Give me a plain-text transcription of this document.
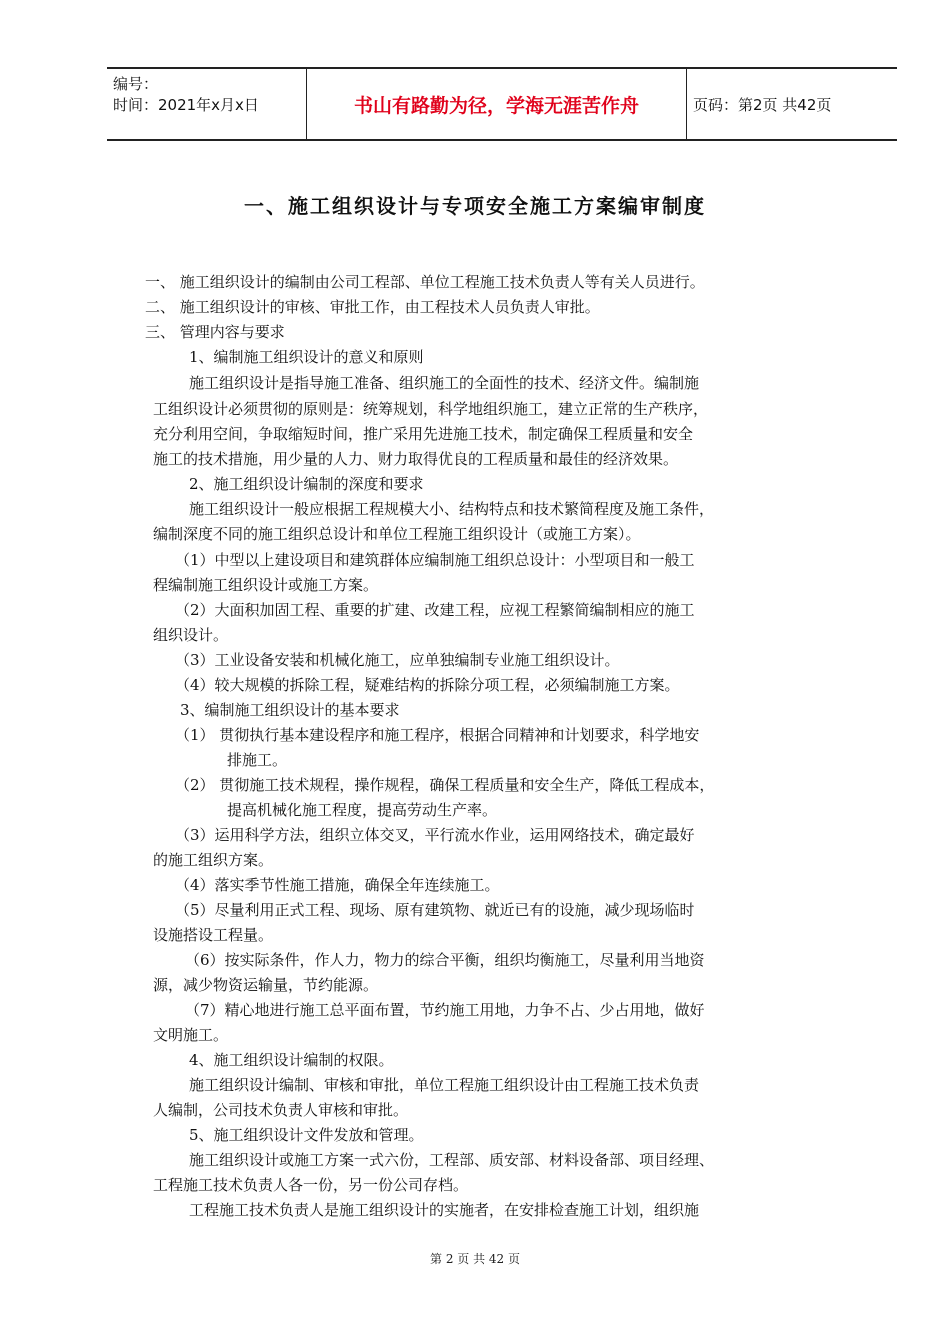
编号：
时间：2021年x月x日	书山有路勤为径，学海无涯苦作舟	页码：第2页 共42页
一、施工组织设计与专项安全施工方案编审制度
一、 施工组织设计的编制由公司工程部、单位工程施工技术负责人等有关人员进行。
二、 施工组织设计的审核、审批工作，由工程技术人员负责人审批。
三、 管理内容与要求
1、编制施工组织设计的意义和原则
施工组织设计是指导施工准备、组织施工的全面性的技术、经济文件。编制施
工组织设计必须贯彻的原则是：统筹规划，科学地组织施工，建立正常的生产秩序，
充分利用空间，争取缩短时间，推广采用先进施工技术，制定确保工程质量和安全
施工的技术措施，用少量的人力、财力取得优良的工程质量和最佳的经济效果。
2、施工组织设计编制的深度和要求
施工组织设计一般应根据工程规模大小、结构特点和技术繁简程度及施工条件，
编制深度不同的施工组织总设计和单位工程施工组织设计（或施工方案）。
（1）中型以上建设项目和建筑群体应编制施工组织总设计：小型项目和一般工
程编制施工组织设计或施工方案。
（2）大面积加固工程、重要的扩建、改建工程，应视工程繁简编制相应的施工
组织设计。
（3）工业设备安装和机械化施工，应单独编制专业施工组织设计。
（4）较大规模的拆除工程，疑难结构的拆除分项工程，必须编制施工方案。
3、编制施工组织设计的基本要求
（1） 贯彻执行基本建设程序和施工程序，根据合同精神和计划要求，科学地安
排施工。
（2） 贯彻施工技术规程，操作规程，确保工程质量和安全生产，降低工程成本，
提高机械化施工程度，提高劳动生产率。
（3）运用科学方法，组织立体交叉，平行流水作业，运用网络技术，确定最好
的施工组织方案。
（4）落实季节性施工措施，确保全年连续施工。
（5）尽量利用正式工程、现场、原有建筑物、就近已有的设施，减少现场临时
设施搭设工程量。
（6）按实际条件，作人力，物力的综合平衡，组织均衡施工，尽量利用当地资
源，减少物资运输量，节约能源。
（7）精心地进行施工总平面布置，节约施工用地，力争不占、少占用地，做好
文明施工。
4、施工组织设计编制的权限。
施工组织设计编制、审核和审批，单位工程施工组织设计由工程施工技术负责
人编制，公司技术负责人审核和审批。
5、施工组织设计文件发放和管理。
施工组织设计或施工方案一式六份，工程部、质安部、材料设备部、项目经理、
工程施工技术负责人各一份，另一份公司存档。
工程施工技术负责人是施工组织设计的实施者，在安排检查施工计划，组织施
第 2 页 共 42 页
